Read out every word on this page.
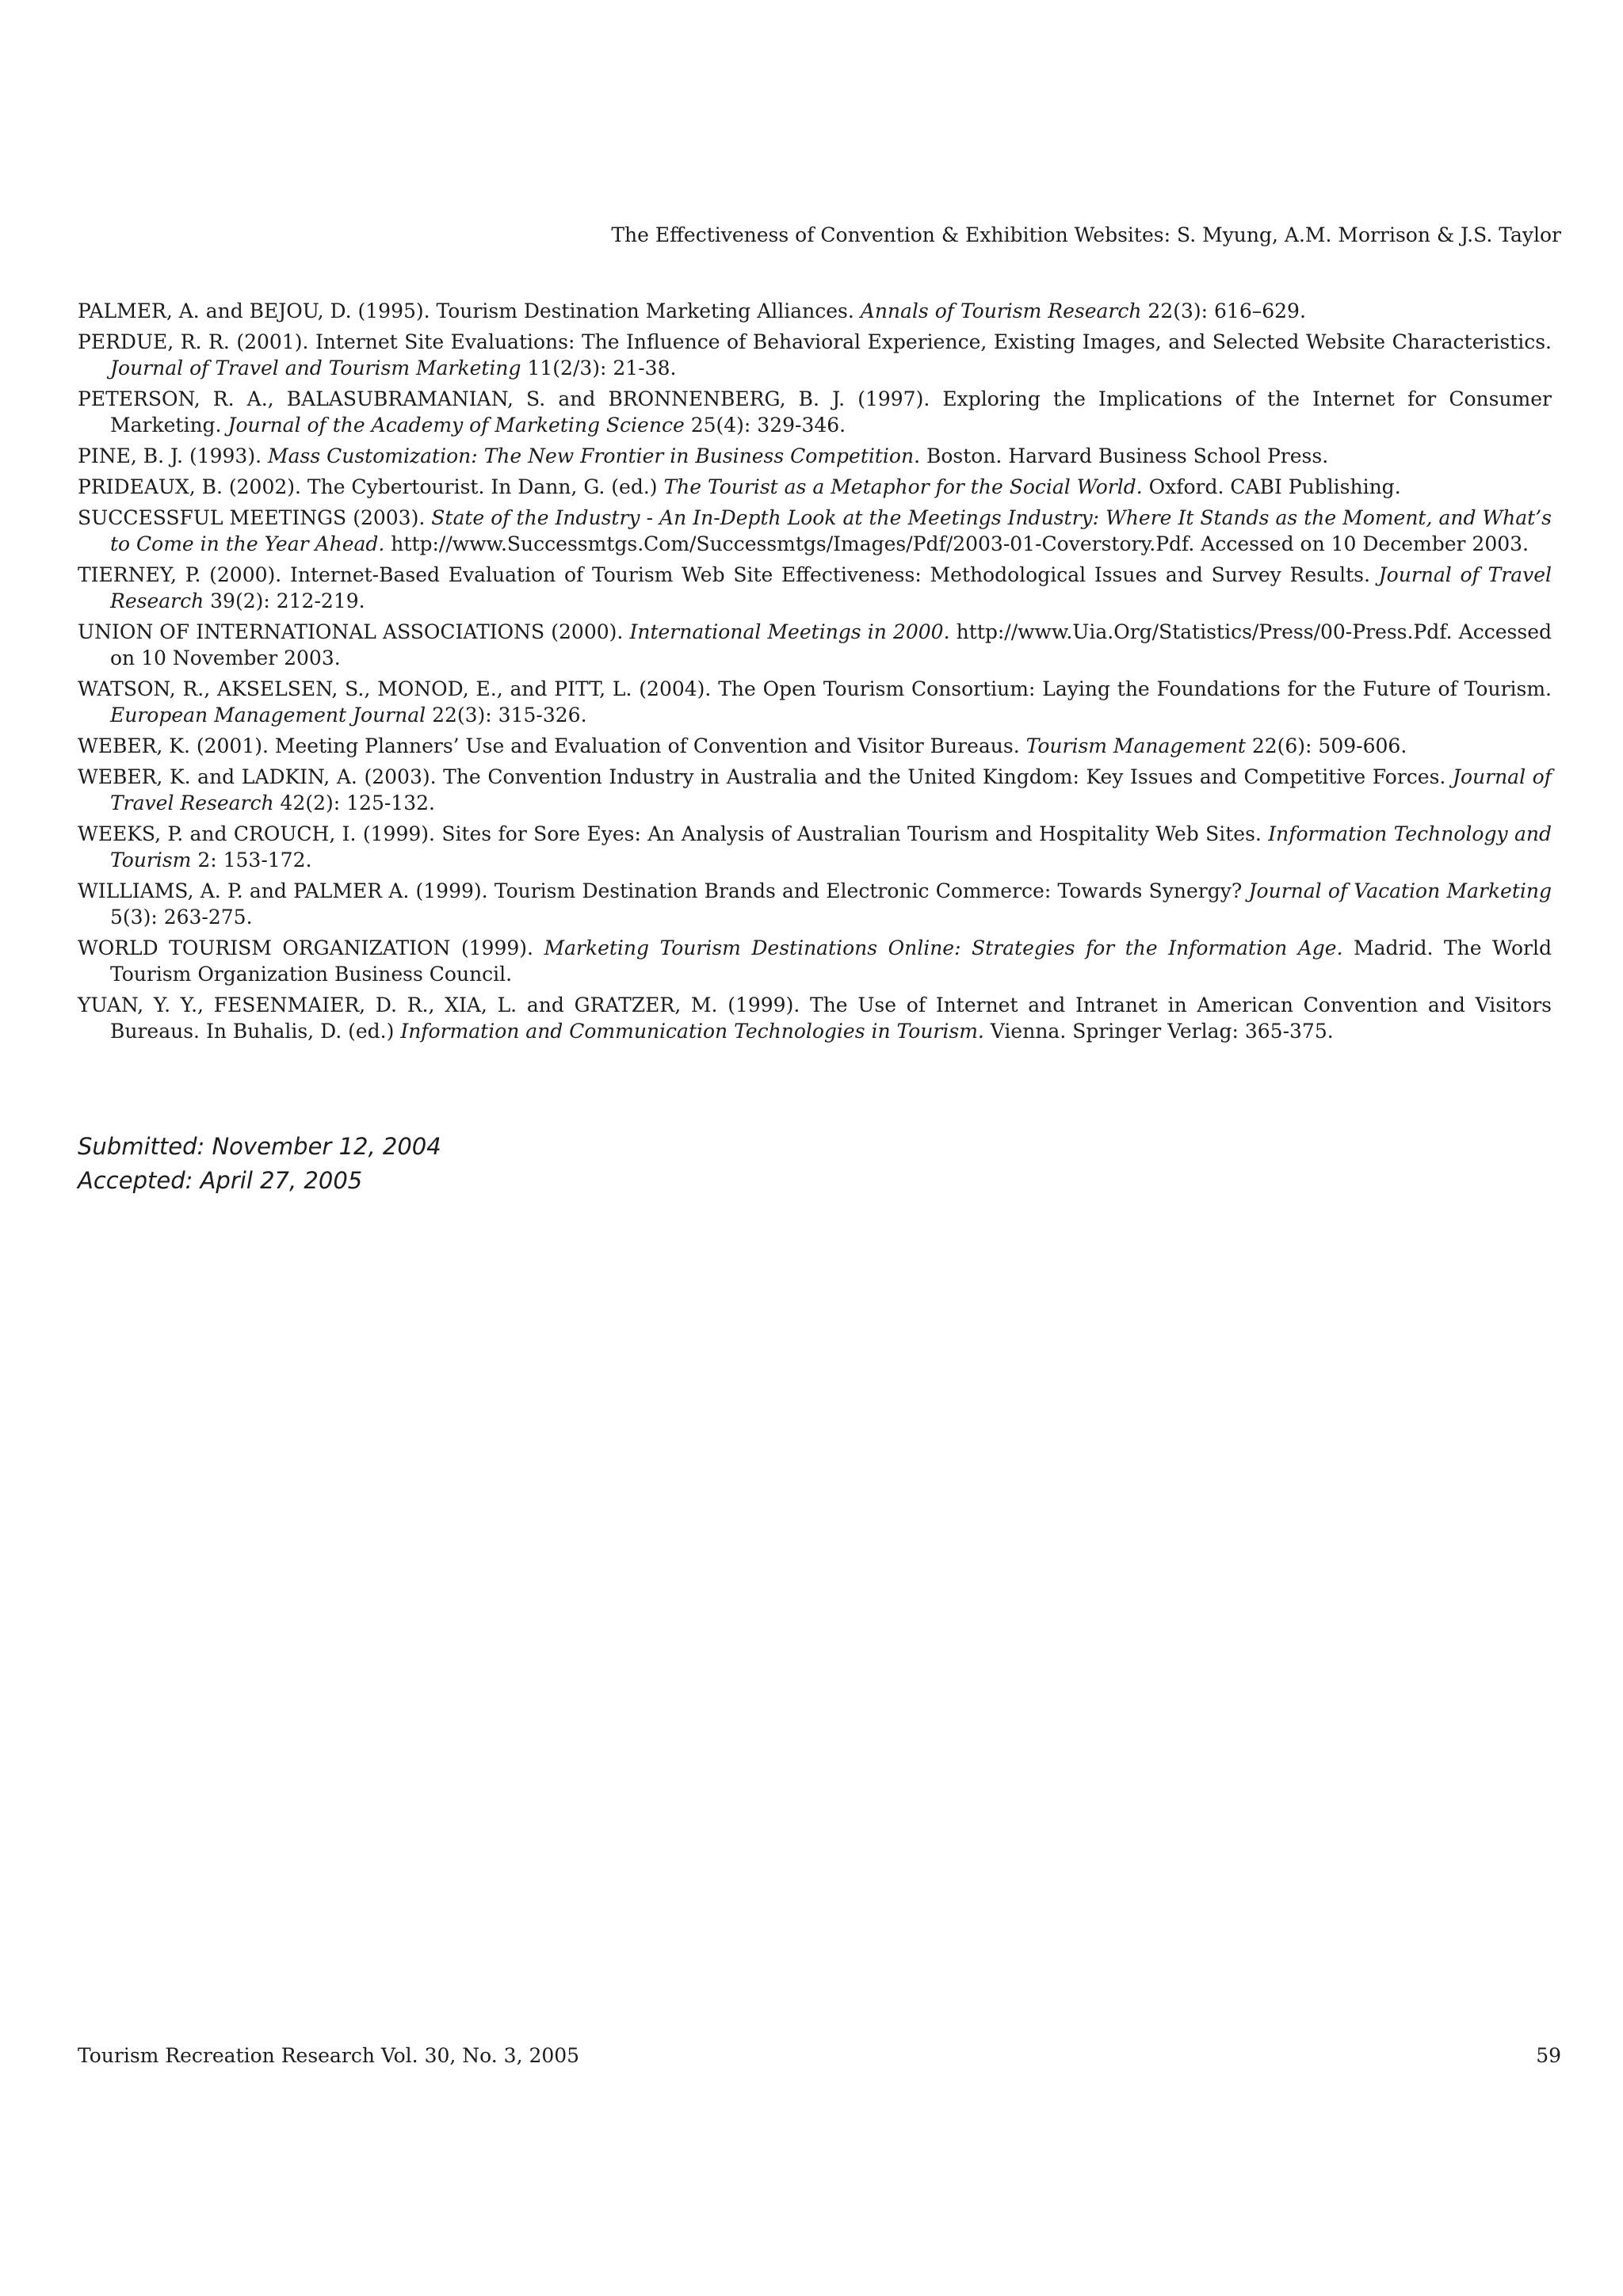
The Effectiveness of Convention & Exhibition Websites: S. Myung, A.M. Morrison & J.S. Taylor
PALMER, A. and BEJOU, D. (1995). Tourism Destination Marketing Alliances. Annals of Tourism Research 22(3): 616–629.
PERDUE, R. R. (2001). Internet Site Evaluations: The Influence of Behavioral Experience, Existing Images, and Selected Website Characteristics. Journal of Travel and Tourism Marketing 11(2/3): 21-38.
PETERSON, R. A., BALASUBRAMANIAN, S. and BRONNENBERG, B. J. (1997). Exploring the Implications of the Internet for Consumer Marketing. Journal of the Academy of Marketing Science 25(4): 329-346.
PINE, B. J. (1993). Mass Customization: The New Frontier in Business Competition. Boston. Harvard Business School Press.
PRIDEAUX, B. (2002). The Cybertourist. In Dann, G. (ed.) The Tourist as a Metaphor for the Social World. Oxford. CABI Publishing.
SUCCESSFUL MEETINGS (2003). State of the Industry - An In-Depth Look at the Meetings Industry: Where It Stands as the Moment, and What’s to Come in the Year Ahead. http://www.Successmtgs.Com/Successmtgs/Images/Pdf/2003-01-Coverstory.Pdf. Accessed on 10 December 2003.
TIERNEY, P. (2000). Internet-Based Evaluation of Tourism Web Site Effectiveness: Methodological Issues and Survey Results. Journal of Travel Research 39(2): 212-219.
UNION OF INTERNATIONAL ASSOCIATIONS (2000). International Meetings in 2000. http://www.Uia.Org/Statistics/Press/00-Press.Pdf. Accessed on 10 November 2003.
WATSON, R., AKSELSEN, S., MONOD, E., and PITT, L. (2004). The Open Tourism Consortium: Laying the Foundations for the Future of Tourism. European Management Journal 22(3): 315-326.
WEBER, K. (2001). Meeting Planners’ Use and Evaluation of Convention and Visitor Bureaus. Tourism Management 22(6): 509-606.
WEBER, K. and LADKIN, A. (2003). The Convention Industry in Australia and the United Kingdom: Key Issues and Competitive Forces. Journal of Travel Research 42(2): 125-132.
WEEKS, P. and CROUCH, I. (1999). Sites for Sore Eyes: An Analysis of Australian Tourism and Hospitality Web Sites. Information Technology and Tourism 2: 153-172.
WILLIAMS, A. P. and PALMER A. (1999). Tourism Destination Brands and Electronic Commerce: Towards Synergy? Journal of Vacation Marketing 5(3): 263-275.
WORLD TOURISM ORGANIZATION (1999). Marketing Tourism Destinations Online: Strategies for the Information Age. Madrid. The World Tourism Organization Business Council.
YUAN, Y. Y., FESENMAIER, D. R., XIA, L. and GRATZER, M. (1999). The Use of Internet and Intranet in American Convention and Visitors Bureaus. In Buhalis, D. (ed.) Information and Communication Technologies in Tourism. Vienna. Springer Verlag: 365-375.
Submitted: November 12, 2004
Accepted: April 27, 2005
Tourism Recreation Research Vol. 30, No. 3, 2005	59
